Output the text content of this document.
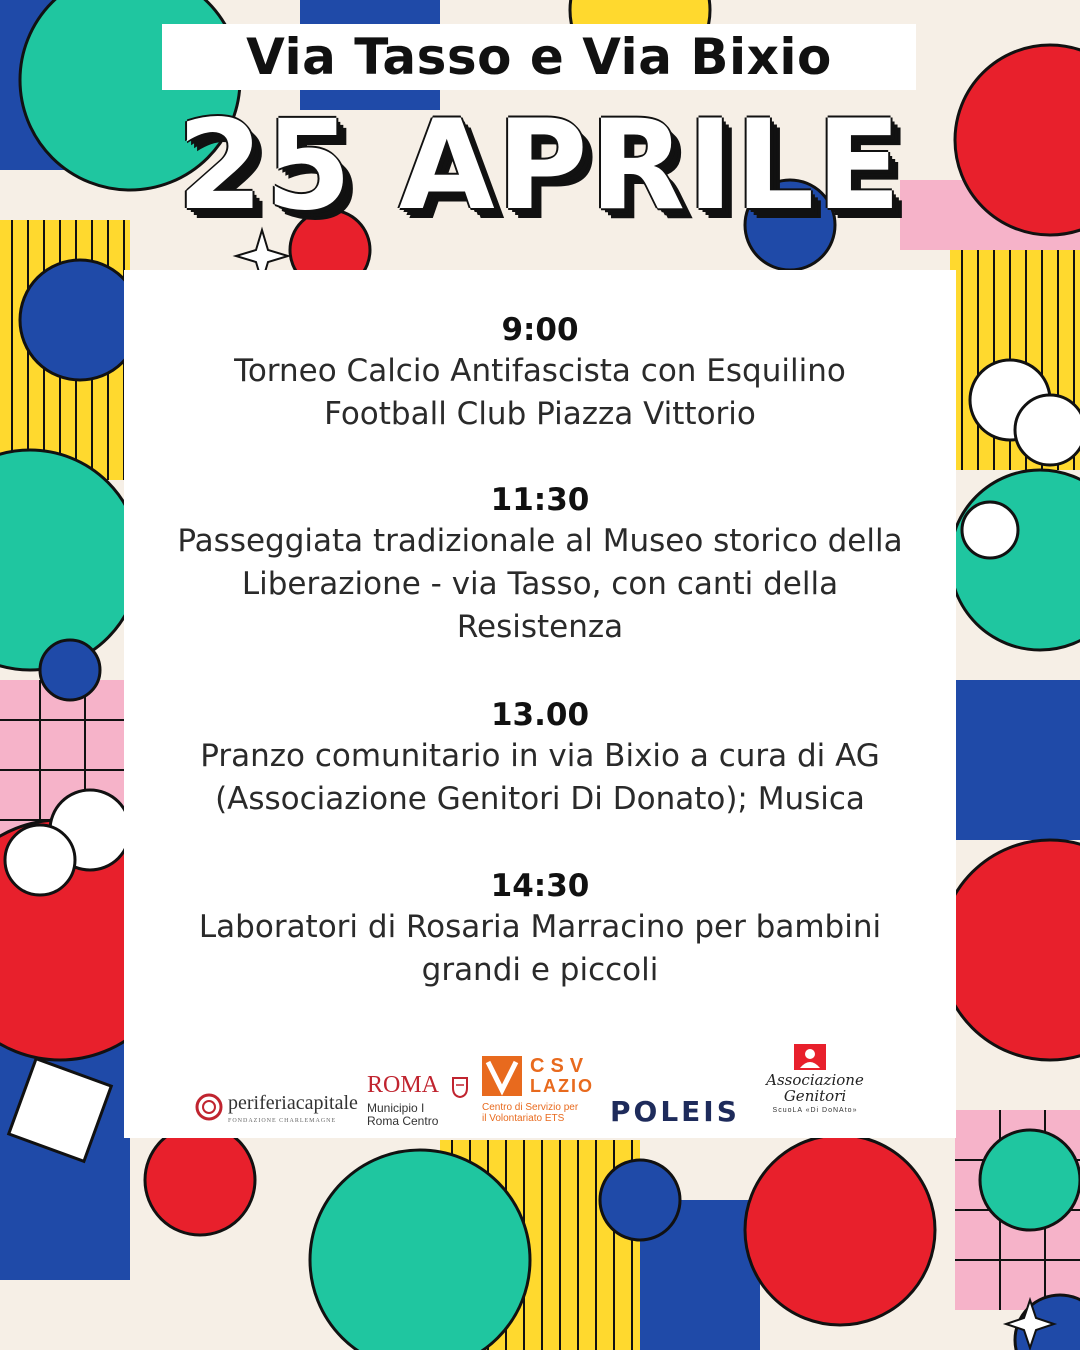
Via Tasso e Via Bixio
25 APRILE
9:00
Torneo Calcio Antifascista con Esquilino
Football Club Piazza Vittorio
11:30
Passeggiata tradizionale al Museo storico della
Liberazione - via Tasso, con canti della
Resistenza
13.00
Pranzo comunitario in via Bixio a cura di AG
(Associazione Genitori Di Donato); Musica
14:30
Laboratori di Rosaria Marracino per bambini
grandi e piccoli
periferiacapitale
FONDAZIONE CHARLEMAGNE
ROMA
Municipio I
Roma Centro
CSV
LAZIO
Centro di Servizio per
il Volontariato ETS POLEIS
Associazione
Genitori
ScuoLA «Di DoNAto»
